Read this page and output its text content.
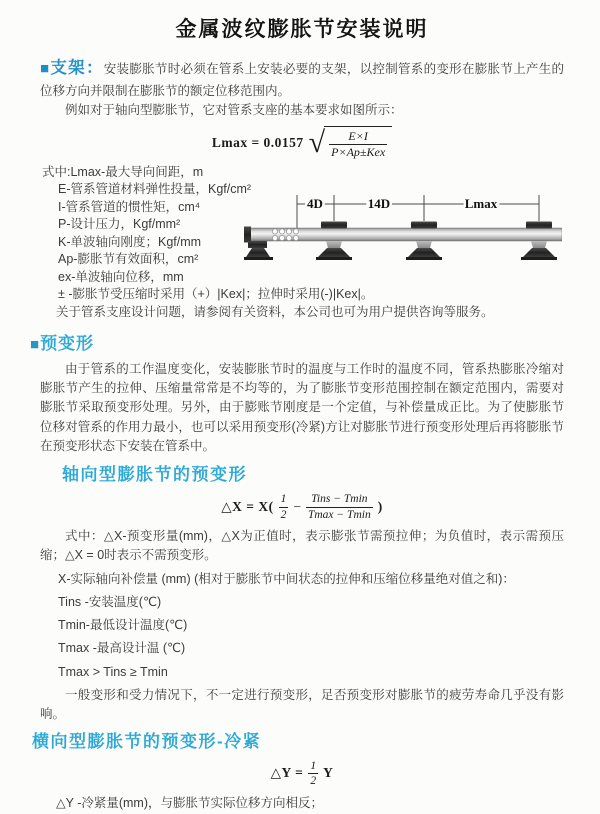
金属波纹膨胀节安装说明

■支架：安装膨胀节时必须在管系上安装必要的支架，以控制管系的变形在膨胀节上产生的位移方向并限制在膨胀节的额定位移范围内。

例如对于轴向型膨胀节，它对管系支座的基本要求如图所示：

Lmax = 0.0157 √ $\frac{E\times I}{\text{P×Ap±Kex}}$
式中:Lmax-最大导向间距，m
E-管系管道材料弹性投量，Kgf/cm²
I-管系管道的惯性矩，cm⁴
P-设计压力，Kgf/mm²
K-单波轴向刚度；Kgf/mm
Ap-膨胀节有效面积，cm²
ex-单波轴向位移，mm
± -膨胀节受压缩时采用（+）|Kex|；拉伸时采用(-)|Kex|。
关于管系支座设计问题，请参阅有关资料，本公司也可为用户提供咨询等服务。
4D	14D	Lmax
■预变形

由于管系的工作温度变化，安装膨胀节时的温度与工作时的温度不同，管系热膨胀冷缩对膨胀节产生的拉伸、压缩量常常是不均等的，为了膨胀节变形范围控制在额定范围内，需要对膨胀节采取预变形处理。另外，由于膨账节刚度是一个定值，与补偿量成正比。为了使膨胀节位移对管系的作用力最小，也可以采用预变形(冷紧)方让对膨胀节进行预变形处理后再将膨胀节在预变形状态下安装在管系中。

轴向型膨胀节的预变形
△X = $X( \frac{1}{2} - \frac{\text{Tins − Tmin}}{Tmax - Tmin}$ )

式中：△X-预变形量(mm)，△X为正值时，表示膨张节需预拉伸；为负值时，表示需预压缩；△X = 0时表示不需预变形。

X-实际轴向补偿量 (mm) (相对于膨胀节中间状态的拉伸和压缩位移量绝对值之和)：
Tins -安装温度(℃)
Tmin-最低设计温度(℃)
Tmax -最高设计温 (℃)
Tmax > Tins ≥ Tmin

一般变形和受力情况下，不一定进行预变形，足否预变形对膨胀节的疲劳寿命几乎没有影响。

横向型膨胀节的预变形-冷紧
△Y = $\frac{1}{2}$ Y

△Y -冷紧量(mm)，与膨胀节实际位移方向相反；
